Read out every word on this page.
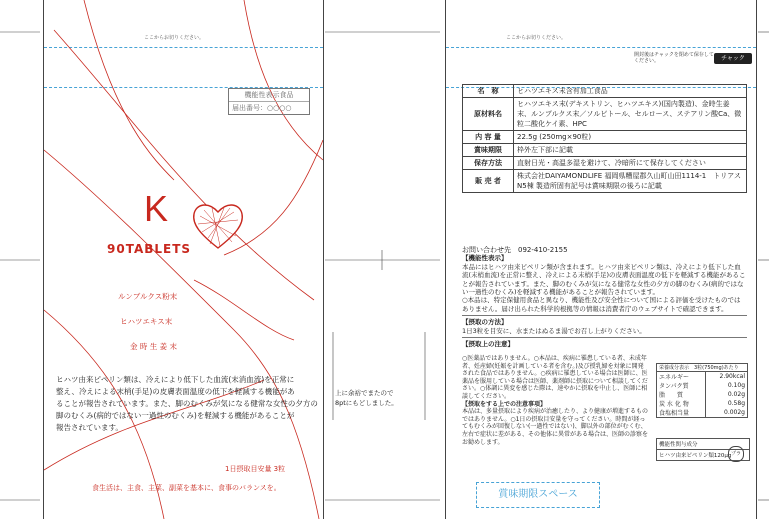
ここからお切りください。
機能性表示食品
届出番号：○○○○
K
90TABLETS
ルンブルクス粉末
ヒハツエキス末
金 時 生 姜 末

ヒハツ由来ピペリン類は、冷えにより低下した血流(末消血流)を正常に

整え、冷えによる末梢(手足)の皮膚表面温度の低下を軽減する機能があ

ることが報告されています。また、脚のむくみが気になる健常な女性の夕方の

脚のむくみ(病的ではない一過性のむくみ)を軽減する機能があることが

報告されています。

1日摂取目安量 3粒
食生活は、主食、主菜、副菜を基本に、食事のバランスを。
上に余裕でまたので
8ptにもどしました。
ここからお切りください。
開封後はチャックを閉めて保存してください。	チャック
名　称	ヒハツエキス末含有加工食品
原材料名	ヒハツエキス末(デキストリン、ヒハツエキス)(国内製造)、金時生姜末、ルンブルクス末／ソルビトール、セルロース、ステアリン酸Ca、微粒二酸化ケイ素、HPC
内 容 量	22.5g (250mg×90粒)
賞味期限	枠外左下部に記載
保存方法	直射日光・高温多湿を避けて、冷暗所にて保存してください
販 売 者	株式会社DAIYAMONDLIFE 福岡県糟屋郡久山町山田1114-1　トリアスN5棟 製造所固有記号は賞味期限の後ろに記載

お問い合わせ先　092-410-2155

【機能性表示】

本品にはヒハツ由来ピペリン類が含まれます。ヒハツ由来ピペリン類は、冷えにより低下した血流(末梢血流)を正常に整え、冷えによる末梢(手足)の皮膚表面温度の低下を軽減する機能があることが報告されています。また、脚のむくみが気になる健常な女性の夕方の脚のむくみ(病的ではない一過性のむくみ)を軽減する機能があることが報告されています。

○本品は、特定保健用食品と異なり、機能性及び安全性について国による評価を受けたものではありません。届け出られた科学的根拠等の情報は消費者庁のウェブサイトで確認できます。

【摂取の方法】

1日3粒を目安に、水またはぬるま湯でお召し上がりください。

【摂取上の注意】

○医薬品ではありません。○本品は、疾病に罹患している者、未成年者、妊産婦(妊娠を計画している者を含む。)及び授乳婦を対象に開発された食品ではありません。○疾病に罹患している場合は医師に、医薬品を服用している場合は医師、薬剤師に摂取について相談してください。○体調に異変を感じた際は、速やかに摂取を中止し、医師に相談してください。

【摂取をする上での注意事項】

本品は、多量摂取により疾病が治癒したり、より健康が増進するものではありません。○1日の摂取目安量を守ってください。時間が経ってもむくみが回復しない(一過性ではない)、脚以外の部位がむくむ、左右で症状に差がある、その他体に異常がある場合は、医師の診察をお勧めします。

栄養成分表示　3粒(750mg)あたり	
エネルギー	2.90kcal
タンパク質	0.10g
脂　　質	0.02g
炭 水 化 物	0.58g
食塩相当量	0.002g
機能性関与成分
ヒハツ由来ピペリン類120μg プラ
賞味期限スペース
